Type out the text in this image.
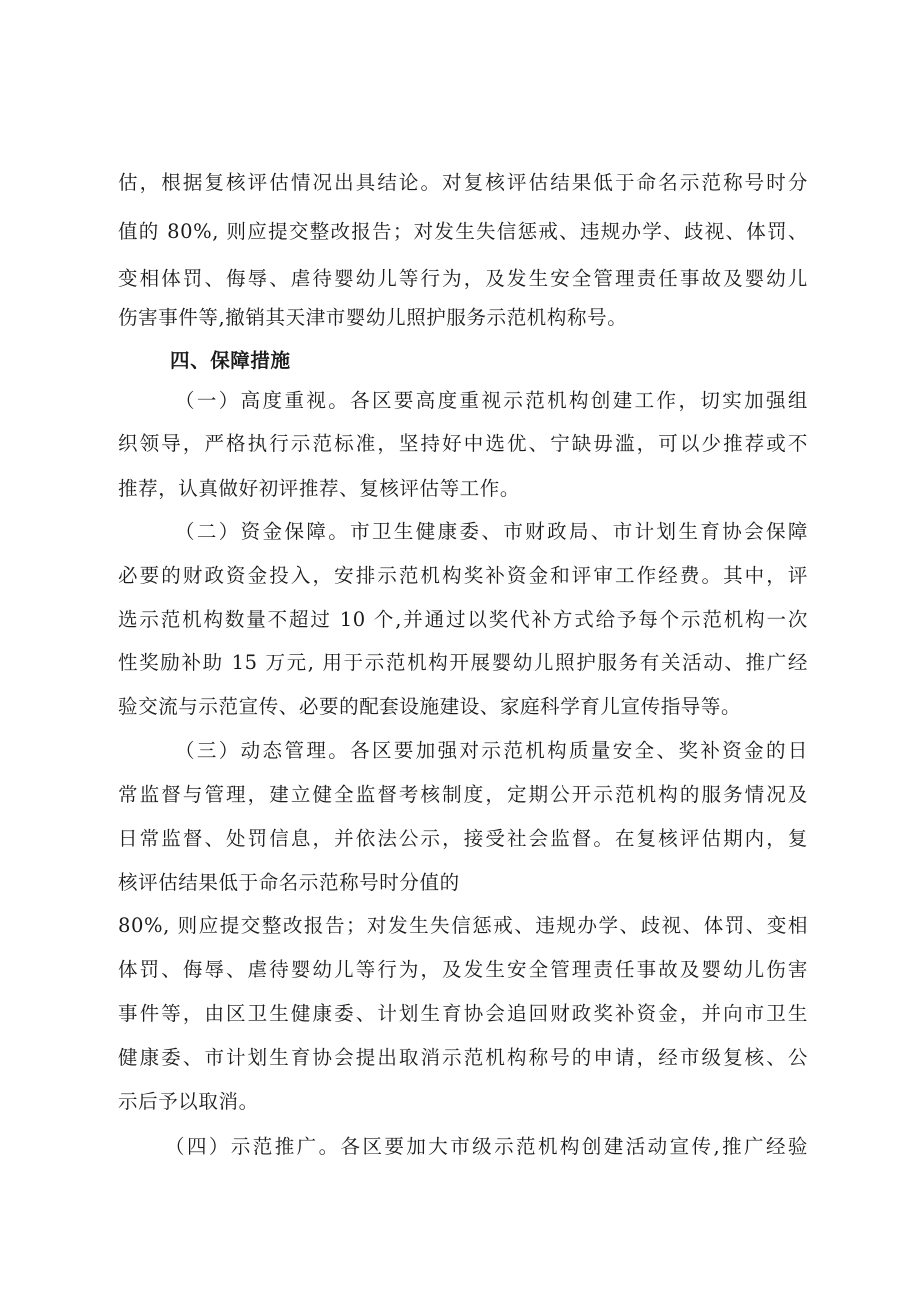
估，根据复核评估情况出具结论。对复核评估结果低于命名示范称号时分
值的 80%, 则应提交整改报告；对发生失信惩戒、违规办学、歧视、体罚、
变相体罚、侮辱、虐待婴幼儿等行为，及发生安全管理责任事故及婴幼儿
伤害事件等,撤销其天津市婴幼儿照护服务示范机构称号。
四、保障措施
（一）高度重视。各区要高度重视示范机构创建工作，切实加强组
织领导，严格执行示范标准，坚持好中选优、宁缺毋滥，可以少推荐或不
推荐，认真做好初评推荐、复核评估等工作。
（二）资金保障。市卫生健康委、市财政局、市计划生育协会保障
必要的财政资金投入，安排示范机构奖补资金和评审工作经费。其中，评
选示范机构数量不超过 10 个,并通过以奖代补方式给予每个示范机构一次
性奖励补助 15 万元, 用于示范机构开展婴幼儿照护服务有关活动、推广经
验交流与示范宣传、必要的配套设施建设、家庭科学育儿宣传指导等。
（三）动态管理。各区要加强对示范机构质量安全、奖补资金的日
常监督与管理，建立健全监督考核制度，定期公开示范机构的服务情况及
日常监督、处罚信息，并依法公示，接受社会监督。在复核评估期内，复
核评估结果低于命名示范称号时分值的
80%, 则应提交整改报告；对发生失信惩戒、违规办学、歧视、体罚、变相
体罚、侮辱、虐待婴幼儿等行为，及发生安全管理责任事故及婴幼儿伤害
事件等，由区卫生健康委、计划生育协会追回财政奖补资金，并向市卫生
健康委、市计划生育协会提出取消示范机构称号的申请，经市级复核、公
示后予以取消。
（四）示范推广。各区要加大市级示范机构创建活动宣传,推广经验
